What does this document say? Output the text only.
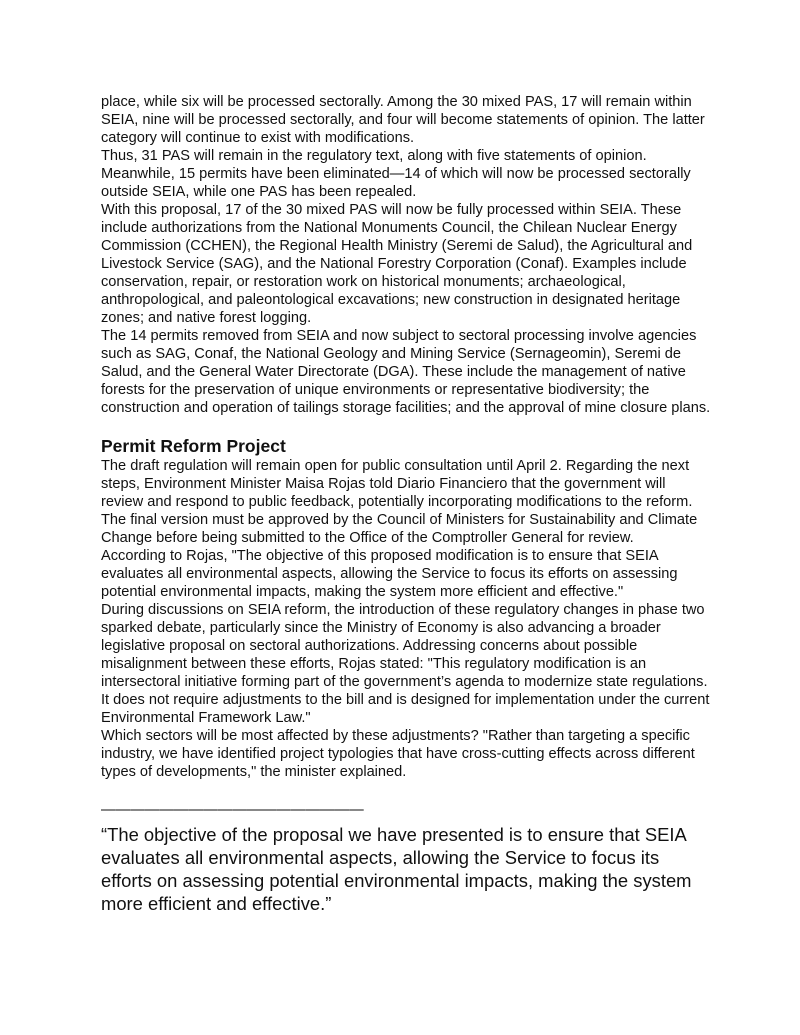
place, while six will be processed sectorally. Among the 30 mixed PAS, 17 will remain within SEIA, nine will be processed sectorally, and four will become statements of opinion. The latter category will continue to exist with modifications.

Thus, 31 PAS will remain in the regulatory text, along with five statements of opinion. Meanwhile, 15 permits have been eliminated—14 of which will now be processed sectorally outside SEIA, while one PAS has been repealed.

With this proposal, 17 of the 30 mixed PAS will now be fully processed within SEIA. These include authorizations from the National Monuments Council, the Chilean Nuclear Energy Commission (CCHEN), the Regional Health Ministry (Seremi de Salud), the Agricultural and Livestock Service (SAG), and the National Forestry Corporation (Conaf). Examples include conservation, repair, or restoration work on historical monuments; archaeological, anthropological, and paleontological excavations; new construction in designated heritage zones; and native forest logging.

The 14 permits removed from SEIA and now subject to sectoral processing involve agencies such as SAG, Conaf, the National Geology and Mining Service (Sernageomin), Seremi de Salud, and the General Water Directorate (DGA). These include the management of native forests for the preservation of unique environments or representative biodiversity; the construction and operation of tailings storage facilities; and the approval of mine closure plans.

Permit Reform Project

The draft regulation will remain open for public consultation until April 2. Regarding the next steps, Environment Minister Maisa Rojas told Diario Financiero that the government will review and respond to public feedback, potentially incorporating modifications to the reform. The final version must be approved by the Council of Ministers for Sustainability and Climate Change before being submitted to the Office of the Comptroller General for review.

According to Rojas, "The objective of this proposed modification is to ensure that SEIA evaluates all environmental aspects, allowing the Service to focus its efforts on assessing potential environmental impacts, making the system more efficient and effective."

During discussions on SEIA reform, the introduction of these regulatory changes in phase two sparked debate, particularly since the Ministry of Economy is also advancing a broader legislative proposal on sectoral authorizations. Addressing concerns about possible misalignment between these efforts, Rojas stated: "This regulatory modification is an intersectoral initiative forming part of the government’s agenda to modernize state regulations. It does not require adjustments to the bill and is designed for implementation under the current Environmental Framework Law."

Which sectors will be most affected by these adjustments? "Rather than targeting a specific industry, we have identified project typologies that have cross-cutting effects across different types of developments," the minister explained.

——————————————————

“The objective of the proposal we have presented is to ensure that SEIA evaluates all environmental aspects, allowing the Service to focus its efforts on assessing potential environmental impacts, making the system more efficient and effective.”
